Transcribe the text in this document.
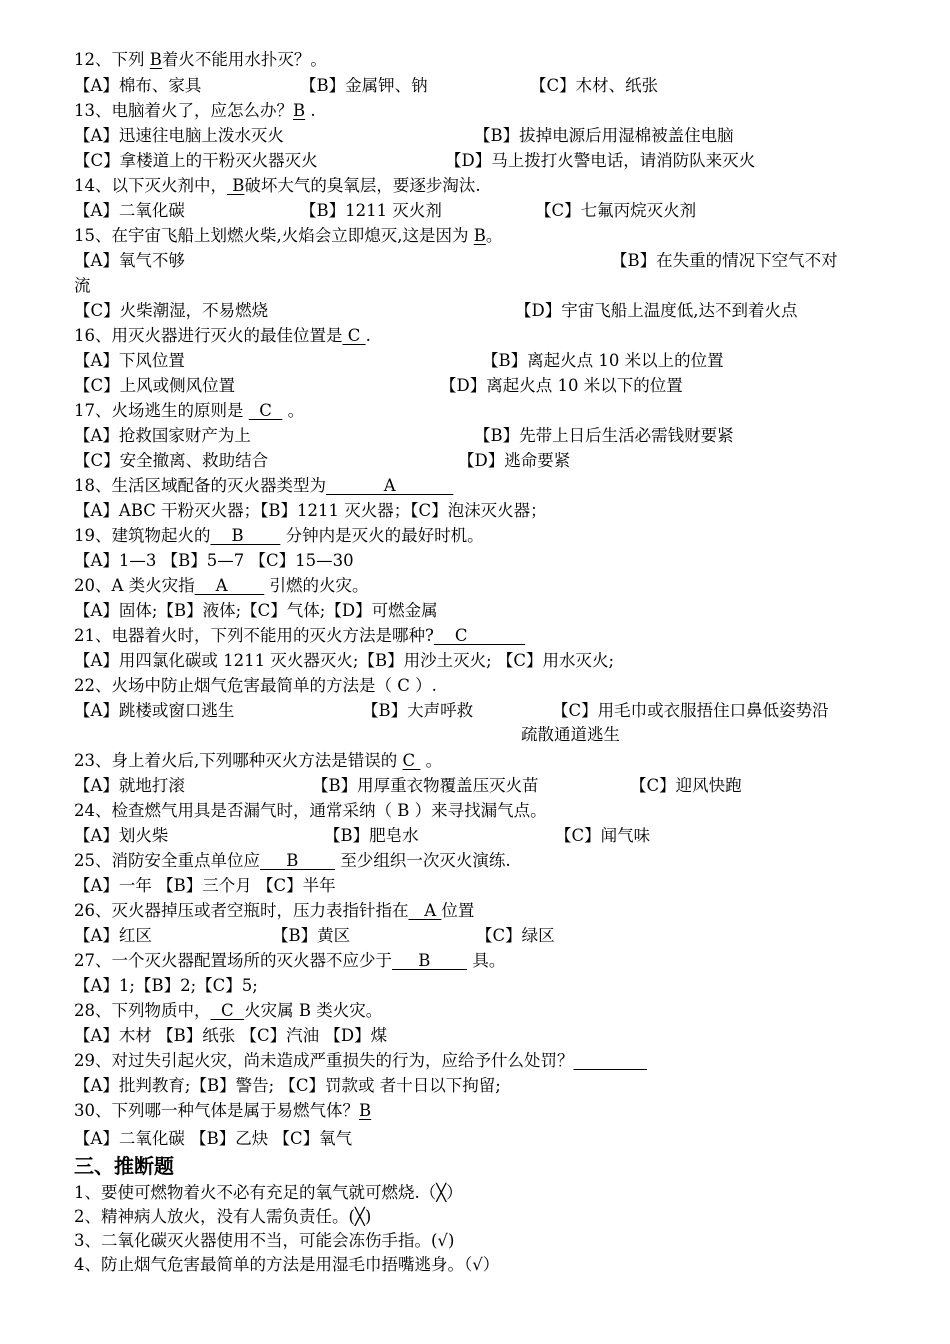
12、下列 B着火不能用水扑灭？。
【A】棉布、家具	【B】金属钾、钠	【C】木材、纸张
13、电脑着火了，应怎么办？B .
【A】迅速往电脑上泼水灭火	【B】拔掉电源后用湿棉被盖住电脑
【C】拿楼道上的干粉灭火器灭火	【D】马上拨打火警电话，请消防队来灭火
14、以下灭火剂中， B破坏大气的臭氧层，要逐步淘汰.
【A】二氧化碳	【B】1211 灭火剂	【C】七氟丙烷灭火剂
15、在宇宙飞船上划燃火柴,火焰会立即熄灭,这是因为 B。
【A】氧气不够	【B】在失重的情况下空气不对
流
【C】火柴潮湿，不易燃烧	【D】宇宙飞船上温度低,达不到着火点
16、用灭火器进行灭火的最佳位置是 C .
【A】下风位置	【B】离起火点 10 米以上的位置
【C】上风或侧风位置	【D】离起火点 10 米以下的位置
17、火场逃生的原则是   C   。
【A】抢救国家财产为上	【B】先带上日后生活必需钱财要紧
【C】安全撤离、救助结合	【D】逃命要紧
18、生活区域配备的灭火器类型为           A
【A】ABC 干粉灭火器；【B】1211 灭火器；【C】泡沫灭火器；
19、建筑物起火的    B        分钟内是灭火的最好时机。
【A】1—3 【B】5—7 【C】15—30
20、A 类火灾指    A        引燃的火灾。
【A】固体;【B】液体;【C】气体;【D】可燃金属
21、电器着火时，下列不能用的灭火方法是哪种?    C
【A】用四氯化碳或 1211 灭火器灭火;【B】用沙土灭火; 【C】用水灭火;
22、火场中防止烟气危害最简单的方法是（ C ）.
【A】跳楼或窗口逃生	【B】大声呼救	【C】用毛巾或衣服捂住口鼻低姿势沿
疏散通道逃生
23、身上着火后,下列哪种灭火方法是错误的 C  。
【A】就地打滚	【B】用厚重衣物覆盖压灭火苗	【C】迎风快跑
24、检查燃气用具是否漏气时，通常采纳（ B ）来寻找漏气点。
【A】划火柴	【B】肥皂水	【C】闻气味
25、消防安全重点单位应     B        至少组织一次灭火演练.
【A】一年 【B】三个月 【C】半年
26、灭火器掉压或者空瓶时，压力表指针指在   A 位置
【A】红区	【B】黄区	【C】绿区
27、一个灭火器配置场所的灭火器不应少于     B        具。
【A】1;【B】2;【C】5;
28、下列物质中，  C  火灾属 B 类火灾。
【A】木材 【B】纸张 【C】汽油 【D】煤
29、对过失引起火灾，尚未造成严重损失的行为，应给予什么处罚？
【A】批判教育;【B】警告; 【C】罚款或 者十日以下拘留;
30、下列哪一种气体是属于易燃气体？B
【A】二氧化碳 【B】乙炔 【C】氧气
三、推断题
1、要使可燃物着火不必有充足的氧气就可燃烧.（╳）
2、精神病人放火，没有人需负责任。(╳)
3、二氧化碳灭火器使用不当，可能会冻伤手指。(√)
4、防止烟气危害最简单的方法是用湿毛巾捂嘴逃身。（√）
